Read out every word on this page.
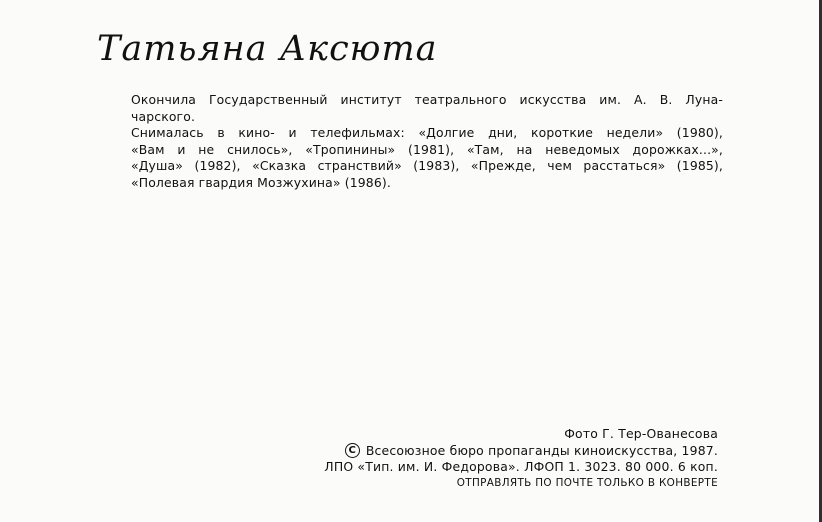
Татьяна Аксюта
Окончила Государственный институт театрального искусства им. А. В. Луна-
чарского.
Снималась в кино- и телефильмах: «Долгие дни, короткие недели» (1980),
«Вам и не снилось», «Тропинины» (1981), «Там, на неведомых дорожках...»,
«Душа» (1982), «Сказка странствий» (1983), «Прежде, чем расстаться» (1985),
«Полевая гвардия Мозжухина» (1986).
Фото Г. Тер-Ованесова
C Всесоюзное бюро пропаганды киноискусства, 1987.
ЛПО «Тип. им. И. Федорова». ЛФОП 1. 3023. 80 000. 6 коп.
ОТПРАВЛЯТЬ ПО ПОЧТЕ ТОЛЬКО В КОНВЕРТЕ
